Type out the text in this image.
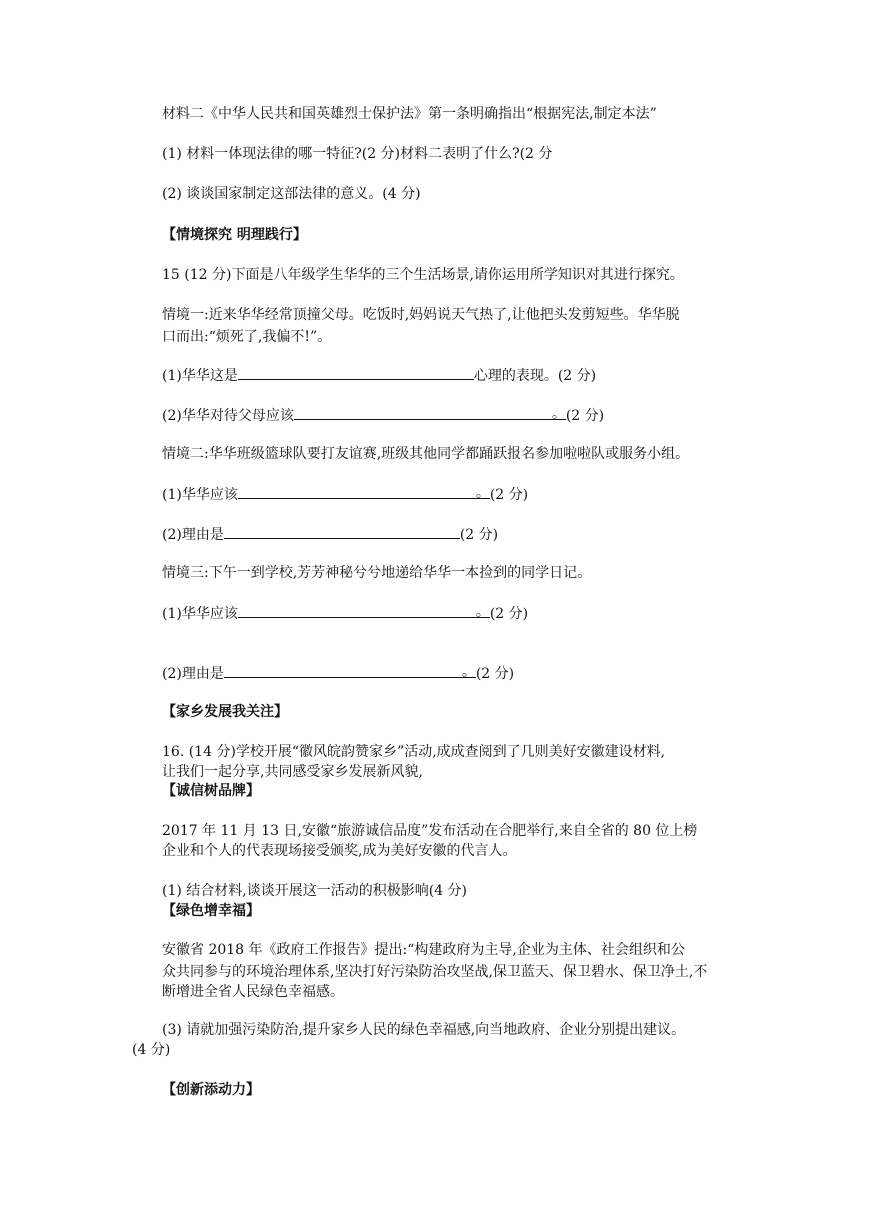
材料二《中华人民共和国英雄烈士保护法》第一条明确指出“根据宪法,制定本法”
(1) 材料一体现法律的哪一特征?(2 分)材料二表明了什么?(2 分
(2) 谈谈国家制定这部法律的意义。(4 分)
【情境探究 明理践行】
15 (12 分)下面是八年级学生华华的三个生活场景,请你运用所学知识对其进行探究。
情境一:近来华华经常顶撞父母。吃饭时,妈妈说天气热了,让他把头发剪短些。华华脱
口而出:“烦死了,我偏不!”。
(1)华华这是	心理的表现。(2 分)
(2)华华对待父母应该	。 (2 分)
情境二:华华班级篮球队要打友谊赛,班级其他同学都踊跃报名参加啦啦队或服务小组。
(1)华华应该	。 (2 分)
(2)理由是	(2 分)
情境三:下午一到学校,芳芳神秘兮兮地递给华华一本捡到的同学日记。
(1)华华应该	。 (2 分)
(2)理由是	。 (2 分)
【家乡发展我关注】
16. (14 分)学校开展“徽风皖韵赞家乡”活动,成成查阅到了几则美好安徽建设材料,
让我们一起分享,共同感受家乡发展新风貌,
【诚信树品牌】
2017 年 11 月 13 日,安徽“旅游诚信品度”发布活动在合肥举行,来自全省的 80 位上榜
企业和个人的代表现场接受颁奖,成为美好安徽的代言人。
(1) 结合材料,谈谈开展这一活动的积极影响(4 分)
【绿色增幸福】
安徽省 2018 年《政府工作报告》提出:“构建政府为主导,企业为主体、社会组织和公
众共同参与的环境治理体系,坚决打好污染防治攻坚战,保卫蓝天、保卫碧水、保卫净土,不
断增进全省人民绿色幸福感。
(3) 请就加强污染防治,提升家乡人民的绿色幸福感,向当地政府、企业分别提出建议。
(4 分)
【创新添动力】
